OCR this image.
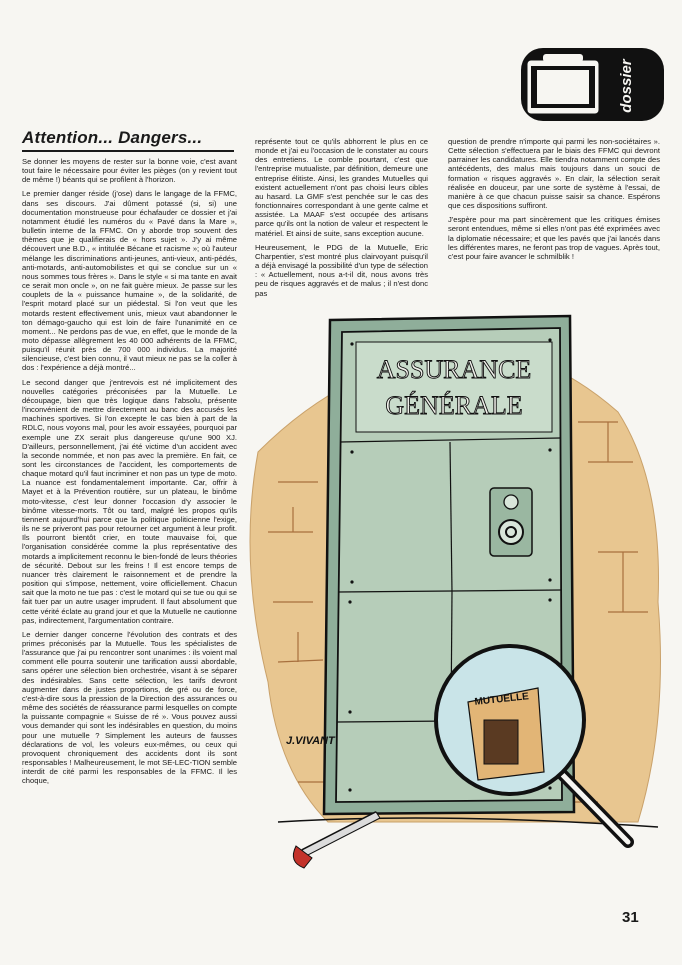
dossier
Attention... Dangers...

Se donner les moyens de rester sur la bonne voie, c'est avant tout faire le nécessaire pour éviter les pièges (on y revient tout de même !) béants qui se profilent à l'horizon.

Le premier danger réside (j'ose) dans le langage de la FFMC, dans ses discours. J'ai dûment potassé (si, si) une documentation monstrueuse pour échafauder ce dossier et j'ai notamment étudié les numéros du « Pavé dans la Mare », bulletin interne de la FFMC. On y aborde trop souvent des thèmes que je qualifierais de « hors sujet ». J'y ai même découvert une B.D., « intitulée Bécane et racisme »; où l'auteur mélange les discriminations anti-jeunes, anti-vieux, anti-pédés, anti-motards, anti-automobilistes et qui se conclue sur un « nous sommes tous frères ». Dans le style « si ma tante en avait ce serait mon oncle », on ne fait guère mieux. Je passe sur les couplets de la « puissance humaine », de la solidarité, de l'esprit motard placé sur un piédestal. Si l'on veut que les motards restent effectivement unis, mieux vaut abandonner le ton démago-gaucho qui est loin de faire l'unanimité en ce moment... Ne perdons pas de vue, en effet, que le monde de la moto dépasse allègrement les 40 000 adhérents de la FFMC, puisqu'il réunit près de 700 000 individus. La majorité silencieuse, c'est bien connu, il vaut mieux ne pas se la coller à dos : l'expérience a déjà montré...

Le second danger que j'entrevois est né implicitement des nouvelles catégories préconisées par la Mutuelle. Le découpage, bien que très logique dans l'absolu, présente l'inconvénient de mettre directement au banc des accusés les machines sportives. Si l'on excepte le cas bien à part de la RDLC, nous voyons mal, pour les avoir essayées, pourquoi par exemple une ZX serait plus dangereuse qu'une 900 XJ. D'ailleurs, personnellement, j'ai été victime d'un accident avec la seconde nommée, et non pas avec la première. En fait, ce sont les circonstances de l'accident, les comportements de chaque motard qu'il faut incriminer et non pas un type de moto. La nuance est fondamentalement importante. Car, offrir à Mayet et à la Prévention routière, sur un plateau, le binôme moto-vitesse, c'est leur donner l'occasion d'y associer le binôme vitesse-morts. Tôt ou tard, malgré les propos qu'ils tiennent aujourd'hui parce que la politique politicienne l'exige, ils ne se priveront pas pour retourner cet argument à leur profit. Ils pourront bientôt crier, en toute mauvaise foi, que l'organisation considérée comme la plus représentative des motards a implicitement reconnu le bien-fondé de leurs théories de sécurité. Debout sur les freins ! Il est encore temps de nuancer très clairement le raisonnement et de prendre la position qui s'impose, nettement, voire officiellement. Chacun sait que la moto ne tue pas : c'est le motard qui se tue ou qui se fait tuer par un autre usager imprudent. Il faut absolument que cette vérité éclate au grand jour et que la Mutuelle ne cautionne pas, indirectement, l'argumentation contraire.

Le dernier danger concerne l'évolution des contrats et des primes préconisés par la Mutuelle. Tous les spécialistes de l'assurance que j'ai pu rencontrer sont unanimes : ils voient mal comment elle pourra soutenir une tarification aussi abordable, sans opérer une sélection bien orchestrée, visant à se séparer des indésirables. Sans cette sélection, les tarifs devront augmenter dans de justes proportions, de gré ou de force, c'est-à-dire sous la pression de la Direction des assurances ou même des sociétés de réassurance parmi lesquelles on compte la puissante compagnie « Suisse de ré ». Vous pouvez aussi vous demander qui sont les indésirables en question, du moins pour une mutuelle ? Simplement les auteurs de fausses déclarations de vol, les voleurs eux-mêmes, ou ceux qui provoquent chroniquement des accidents dont ils sont responsables ! Malheureusement, le mot SE-LEC-TION semble interdit de cité parmi les responsables de la FFMC. Il les choque,

représente tout ce qu'ils abhorrent le plus en ce monde et j'ai eu l'occasion de le constater au cours des entretiens. Le comble pourtant, c'est que l'entreprise mutualiste, par définition, demeure une entreprise élitiste. Ainsi, les grandes Mutuelles qui existent actuellement n'ont pas choisi leurs cibles au hasard. La GMF s'est penchée sur le cas des fonctionnaires correspondant à une gente calme et assistée. La MAAF s'est occupée des artisans parce qu'ils ont la notion de valeur et respectent le matériel. Et ainsi de suite, sans exception aucune.

Heureusement, le PDG de la Mutuelle, Eric Charpentier, s'est montré plus clairvoyant puisqu'il a déjà envisagé la possibilité d'un type de sélection : « Actuellement, nous a-t-il dit, nous avons très peu de risques aggravés et de malus ; il n'est donc pas

question de prendre n'importe qui parmi les non-sociétaires ». Cette sélection s'effectuera par le biais des FFMC qui devront parrainer les candidatures. Elle tiendra notamment compte des antécédents, des malus mais toujours dans un souci de formation « risques aggravés ». En clair, la sélection serait réalisée en douceur, par une sorte de système à l'essai, de manière à ce que chacun puisse saisir sa chance. Espérons que ces dispositions suffiront.

J'espère pour ma part sincèrement que les critiques émises seront entendues, même si elles n'ont pas été exprimées avec la diplomatie nécessaire; et que les pavés que j'ai lancés dans les différentes mares, ne feront pas trop de vagues. Après tout, c'est pour faire avancer le schmilblik !

ASSURANCE
GÉNÉRALE
J.VIVANT
MUTUELLE
31
